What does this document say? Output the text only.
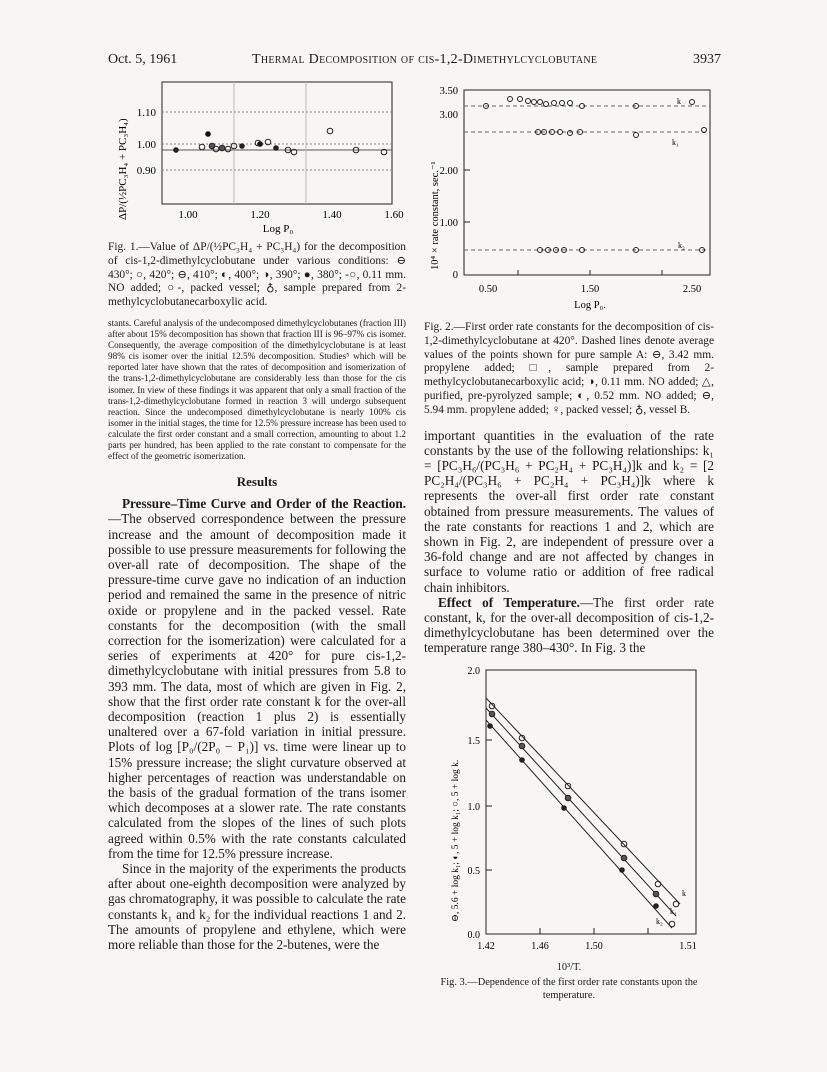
Oct. 5, 1961	Thermal Decomposition of cis-1,2-Dimethylcyclobutane	3937
1.10
1.00
0.90
1.00	1.20	1.40	1.60
Log P₀
ΔP/(½PC₃H₄ + PC₃H₄)
Fig. 1.—Value of ΔP/(½PC₃H₄ + PC₃H₄) for the decomposition of cis-1,2-dimethylcyclobutane under various conditions: ⊖ 430°; ○, 420°; ⊖, 410°; ◐, 400°; ◑, 390°; ●, 380°; -○, 0.11 mm. NO added; ○-, packed vessel; ♁, sample prepared from 2-methylcyclobutanecarboxylic acid.
stants. Careful analysis of the undecomposed dimethylcyclobutanes (fraction III) after about 15% decomposition has shown that fraction III is 96–97% cis isomer. Consequently, the average composition of the dimethylcyclobutane is at least 98% cis isomer over the initial 12.5% decomposition. Studies⁵ which will be reported later have shown that the rates of decomposition and isomerization of the trans-1,2-dimethylcyclobutane are considerably less than those for the cis isomer. In view of these findings it was apparent that only a small fraction of the trans-1,2-dimethylcyclobutane formed in reaction 3 will undergo subsequent reaction. Since the undecomposed dimethylcyclobutane is nearly 100% cis isomer in the initial stages, the time for 12.5% pressure increase has been used to calculate the first order constant and a small correction, amounting to about 1.2 parts per hundred, has been applied to the rate constant to compensate for the effect of the geometric isomerization.
Results

Pressure–Time Curve and Order of the Reaction.—The observed correspondence between the pressure increase and the amount of decomposition made it possible to use pressure measurements for following the over-all rate of decomposition. The shape of the pressure-time curve gave no indication of an induction period and remained the same in the presence of nitric oxide or propylene and in the packed vessel. Rate constants for the decomposition (with the small correction for the isomerization) were calculated for a series of experiments at 420° for pure cis-1,2-dimethylcyclobutane with initial pressures from 5.8 to 393 mm. The data, most of which are given in Fig. 2, show that the first order rate constant k for the over-all decomposition (reaction 1 plus 2) is essentially unaltered over a 67-fold variation in initial pressure. Plots of log [P₀/(2P₀ − P₁)] vs. time were linear up to 15% pressure increase; the slight curvature observed at higher percentages of reaction was understandable on the basis of the gradual formation of the trans isomer which decomposes at a slower rate. The rate constants calculated from the slopes of the lines of such plots agreed within 0.5% with the rate constants calculated from the time for 12.5% pressure increase.

Since in the majority of the experiments the products after about one-eighth decomposition were analyzed by gas chromatography, it was possible to calculate the rate constants k₁ and k₂ for the individual reactions 1 and 2. The amounts of propylene and ethylene, which were more reliable than those for the 2-butenes, were the

3.50
3.00
2.00
1.00
0
0.50	1.50	2.50
Log P₀.
k
k₁
k₂
10⁴ × rate constant, sec.⁻¹
Fig. 2.—First order rate constants for the decomposition of cis-1,2-dimethylcyclobutane at 420°. Dashed lines denote average values of the points shown for pure sample A: ⊖, 3.42 mm. propylene added; □, sample prepared from 2-methylcyclobutanecarboxylic acid; ◑, 0.11 mm. NO added; △, purified, pre-pyrolyzed sample; ◐, 0.52 mm. NO added; ⊖, 5.94 mm. propylene added; ♀, packed vessel; ♁, vessel B.

important quantities in the evaluation of the rate constants by the use of the following relationships: k₁ = [PC₃H₆/(PC₃H₆ + PC₂H₄ + PC₃H₄)]k and k₂ = [2 PC₂H₄/(PC₃H₆ + PC₂H₄ + PC₃H₄)]k where k represents the over-all first order rate constant obtained from pressure measurements. The values of the rate constants for reactions 1 and 2, which are shown in Fig. 2, are independent of pressure over a 36-fold change and are not affected by changes in surface to volume ratio or addition of free radical chain inhibitors.

Effect of Temperature.—The first order rate constant, k, for the over-all decomposition of cis-1,2-dimethylcyclobutane has been determined over the temperature range 380–430°. In Fig. 3 the

2.0
1.5
1.0
0.5
0.0
1.42	1.46	1.50	1.51
k
k₁
k₂
⊖, 5.6 + log k₁; ◐, 5 + log k₁; ○, 5 + log k.
10³/T.
Fig. 3.—Dependence of the first order rate constants upon the temperature.
